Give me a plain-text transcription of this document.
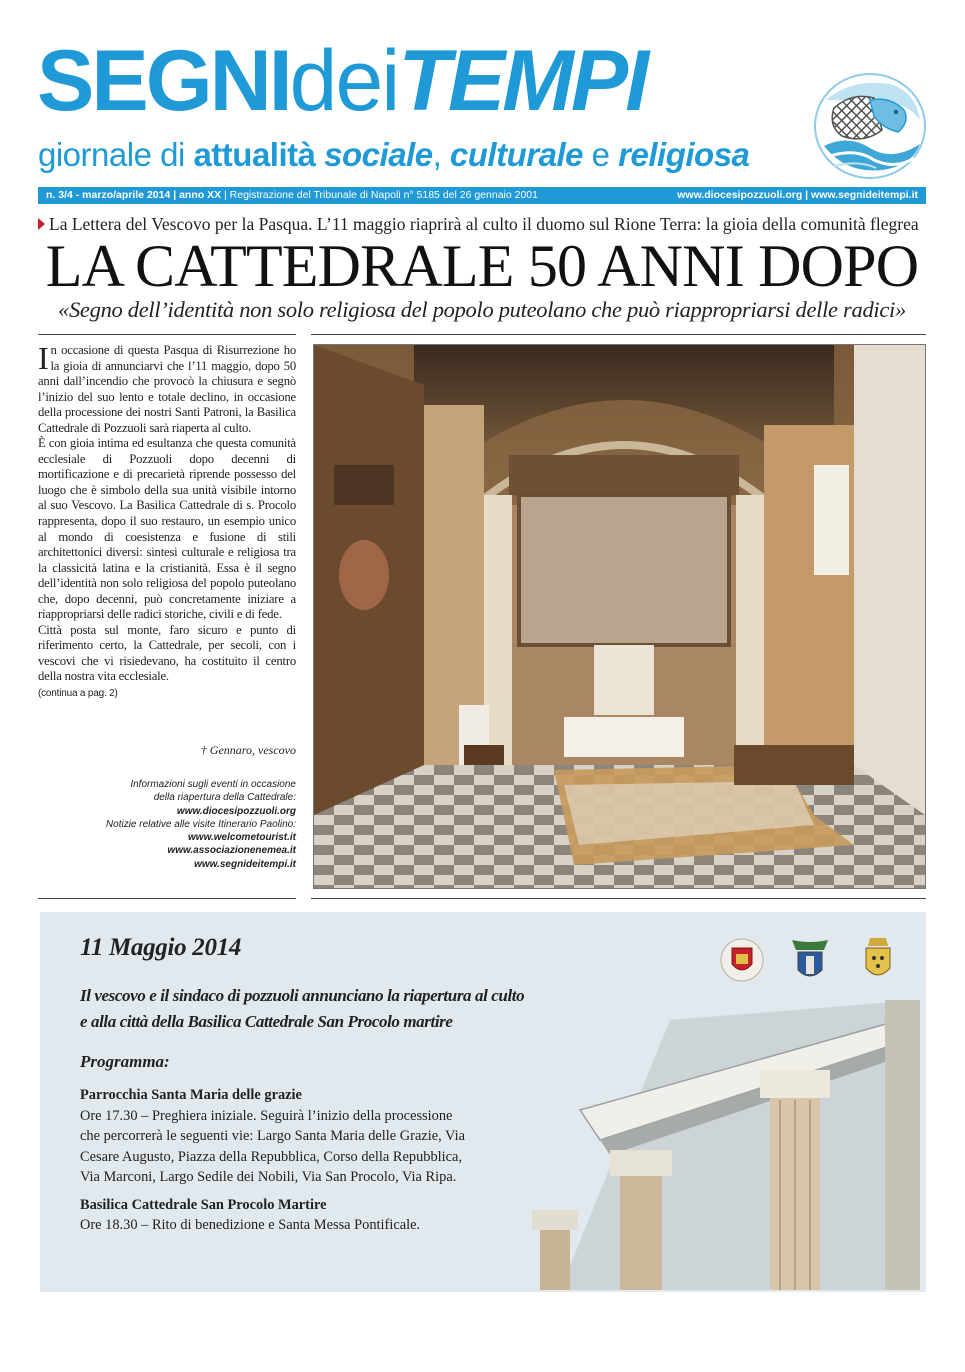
SEGNIdeiTEMPI
giornale di attualità sociale, culturale e religiosa
n. 3/4 - marzo/aprile 2014 | anno XX | Registrazione del Tribunale di Napoli n° 5185 del 26 gennaio 2001	www.diocesipozzuoli.org | www.segnideitempi.it
La Lettera del Vescovo per la Pasqua. L’11 maggio riaprirà al culto il duomo sul Rione Terra: la gioia della comunità flegrea
LA CATTEDRALE 50 ANNI DOPO
«Segno dell’identità non solo religiosa del popolo puteolano che può riappropriarsi delle radici»

In occasione di questa Pasqua di Risurrezione ho la gioia di annunciarvi che l’11 maggio, dopo 50 anni dall’incendio che provocò la chiusura e segnò l’inizio del suo lento e totale declino, in occasione della processione dei nostri Santi Patroni, la Basilica Cattedrale di Pozzuoli sarà riaperta al culto.

È con gioia intima ed esultanza che questa comunità ecclesiale di Pozzuoli dopo decenni di mortificazione e di precarietà riprende possesso del luogo che è simbolo della sua unità visibile intorno al suo Vescovo. La Basilica Cattedrale di s. Procolo rappresenta, dopo il suo restauro, un esempio unico al mondo di coesistenza e fusione di stili architettonici diversi: sintesi culturale e religiosa tra la classicità latina e la cristianità. Essa è il segno dell’identità non solo religiosa del popolo puteolano che, dopo decenni, può concretamente iniziare a riappropriarsi delle radici storiche, civili e di fede.

Città posta sul monte, faro sicuro e punto di riferimento certo, la Cattedrale, per secoli, con i vescovi che vi risiedevano, ha costituito il centro della nostra vita ecclesiale.

(continua a pag. 2)
† Gennaro, vescovo
Informazioni sugli eventi in occasione
della riapertura della Cattedrale:
www.diocesipozzuoli.org
Notizie relative alle visite Itinerario Paolino:
www.welcometourist.it
www.associazionenemea.it
www.segnideitempi.it
11 Maggio 2014
Il vescovo e il sindaco di pozzuoli annunciano la riapertura al culto
e alla città della Basilica Cattedrale San Procolo martire
Programma:
Parrocchia Santa Maria delle grazie
Ore 17.30 – Preghiera iniziale. Seguirà l’inizio della processione che percorrerà le seguenti vie: Largo Santa Maria delle Grazie, Via Cesare Augusto, Piazza della Repubblica, Corso della Repubblica, Via Marconi, Largo Sedile dei Nobili, Via San Procolo, Via Ripa.
Basilica Cattedrale San Procolo Martire
Ore 18.30 – Rito di benedizione e Santa Messa Pontificale.
